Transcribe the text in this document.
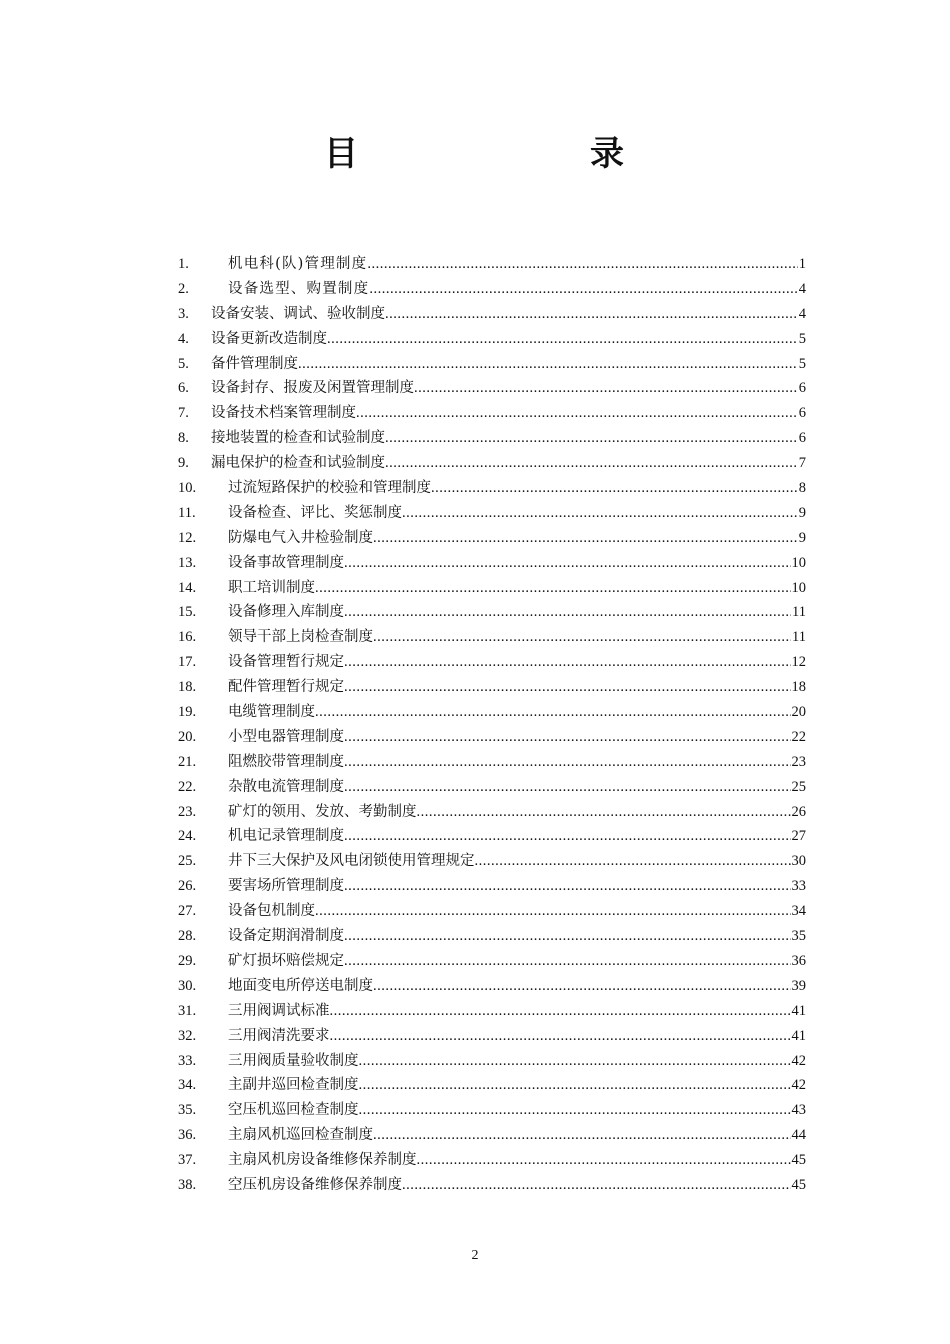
目	录
1.	机电科(队)管理制度 .....	1
2.	设备选型、购置制度 .....	4
3. 设备安装、调试、验收制度 .....	4
4. 设备更新改造制度 .....	5
5. 备件管理制度 .....	5
6. 设备封存、报废及闲置管理制度 .....	6
7. 设备技术档案管理制度 .....	6
8. 接地装置的检查和试验制度 .....	6
9. 漏电保护的检查和试验制度 .....	7
10. 过流短路保护的校验和管理制度 .....	8
11. 设备检查、评比、奖惩制度 .....	9
12. 防爆电气入井检验制度 .....	9
13. 设备事故管理制度 .....	10
14. 职工培训制度 .....	10
15. 设备修理入库制度 .....	11
16. 领导干部上岗检查制度 .....	11
17. 设备管理暂行规定 .....	12
18. 配件管理暂行规定 .....	18
19. 电缆管理制度 .....	20
20. 小型电器管理制度 .....	22
21. 阻燃胶带管理制度 .....	23
22. 杂散电流管理制度 .....	25
23. 矿灯的领用、发放、考勤制度 .....	26
24. 机电记录管理制度 .....	27
25. 井下三大保护及风电闭锁使用管理规定 .....	30
26. 要害场所管理制度 .....	33
27. 设备包机制度 .....	34
28. 设备定期润滑制度 .....	35
29. 矿灯损坏赔偿规定 .....	36
30. 地面变电所停送电制度 .....	39
31. 三用阀调试标准 .....	41
32. 三用阀清洗要求 .....	41
33. 三用阀质量验收制度 .....	42
34. 主副井巡回检查制度 .....	42
35. 空压机巡回检查制度 .....	43
36. 主扇风机巡回检查制度 .....	44
37. 主扇风机房设备维修保养制度 .....	45
38. 空压机房设备维修保养制度 .....	45
2
